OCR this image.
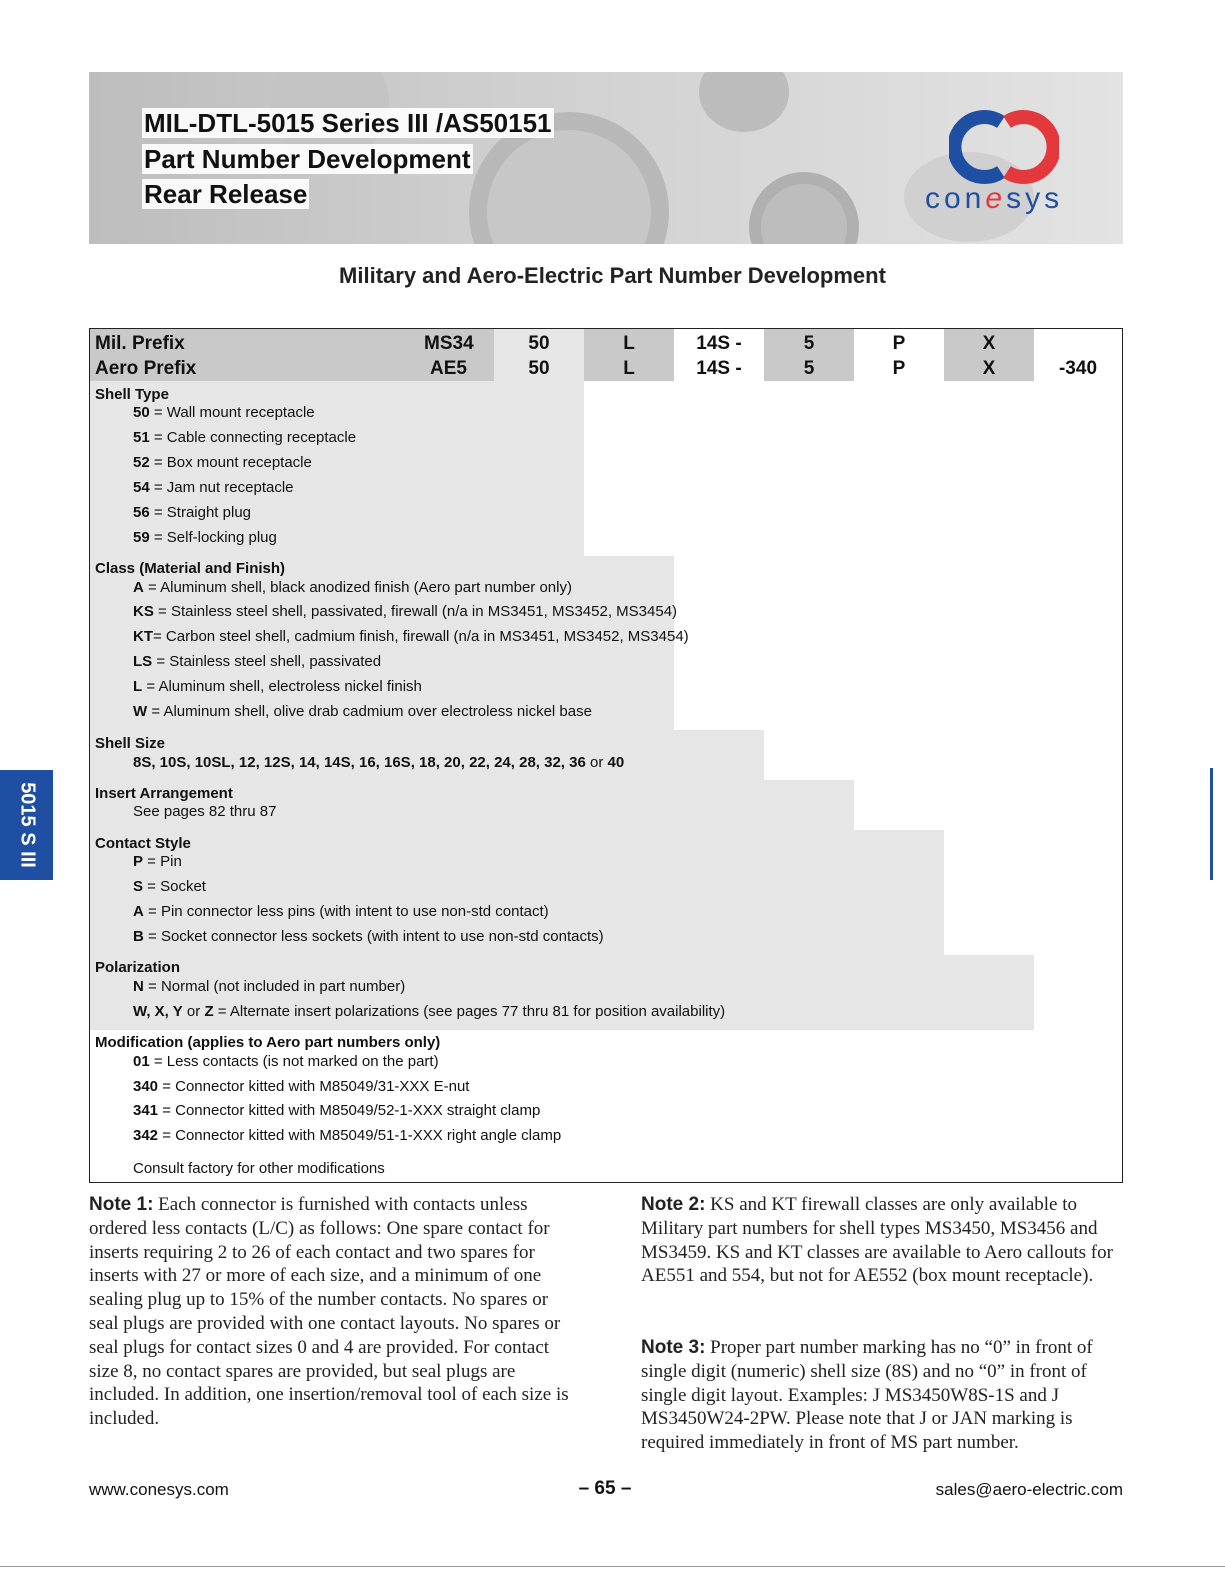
MIL-DTL-5015 Series III /AS50151
Part Number Development
Rear Release	conesys
Military and Aero-Electric Part Number Development
Mil. Prefix	MS34	50	L	14S -	5	P	X
Aero Prefix	AE5	50	L	14S -	5	P	X	-340
Shell Type
50 = Wall mount receptacle
51 = Cable connecting receptacle
52 = Box mount receptacle
54 = Jam nut receptacle
56 = Straight plug
59 = Self-locking plug
Class (Material and Finish)
A = Aluminum shell, black anodized finish (Aero part number only)
KS = Stainless steel shell, passivated, firewall (n/a in MS3451, MS3452, MS3454)
KT= Carbon steel shell, cadmium finish, firewall (n/a in MS3451, MS3452, MS3454)
LS = Stainless steel shell, passivated
L = Aluminum shell, electroless nickel finish
W = Aluminum shell, olive drab cadmium over electroless nickel base
Shell Size
8S, 10S, 10SL, 12, 12S, 14, 14S, 16, 16S, 18, 20, 22, 24, 28, 32, 36 or 40
Insert Arrangement
See pages 82 thru 87
Contact Style
P = Pin
S = Socket
A = Pin connector less pins (with intent to use non-std contact)
B = Socket connector less sockets (with intent to use non-std contacts)
Polarization
N = Normal (not included in part number)
W, X, Y or Z = Alternate insert polarizations (see pages 77 thru 81 for position availability)
Modification (applies to Aero part numbers only)
01 = Less contacts (is not marked on the part)
340 = Connector kitted with M85049/31-XXX E-nut
341 = Connector kitted with M85049/52-1-XXX straight clamp
342 = Connector kitted with M85049/51-1-XXX right angle clamp
Consult factory for other modifications
Note 1: Each connector is furnished with contacts unless ordered less contacts (L/C) as follows: One spare contact for inserts requiring 2 to 26 of each contact and two spares for inserts with 27 or more of each size, and a minimum of one sealing plug up to 15% of the number contacts. No spares or seal plugs are provided with one contact layouts. No spares or seal plugs for contact sizes 0 and 4 are provided. For contact size 8, no contact spares are provided, but seal plugs are included. In addition, one insertion/removal tool of each size is included.
Note 2: KS and KT firewall classes are only available to Military part numbers for shell types MS3450, MS3456 and MS3459. KS and KT classes are available to Aero callouts for AE551 and 554, but not for AE552 (box mount receptacle).
Note 3: Proper part number marking has no “0” in front of single digit (numeric) shell size (8S) and no “0” in front of single digit layout. Examples: J MS3450W8S-1S and J MS3450W24-2PW. Please note that J or JAN marking is required immediately in front of MS part number.
5015 S III
www.conesys.com	– 65 –	sales@aero-electric.com
